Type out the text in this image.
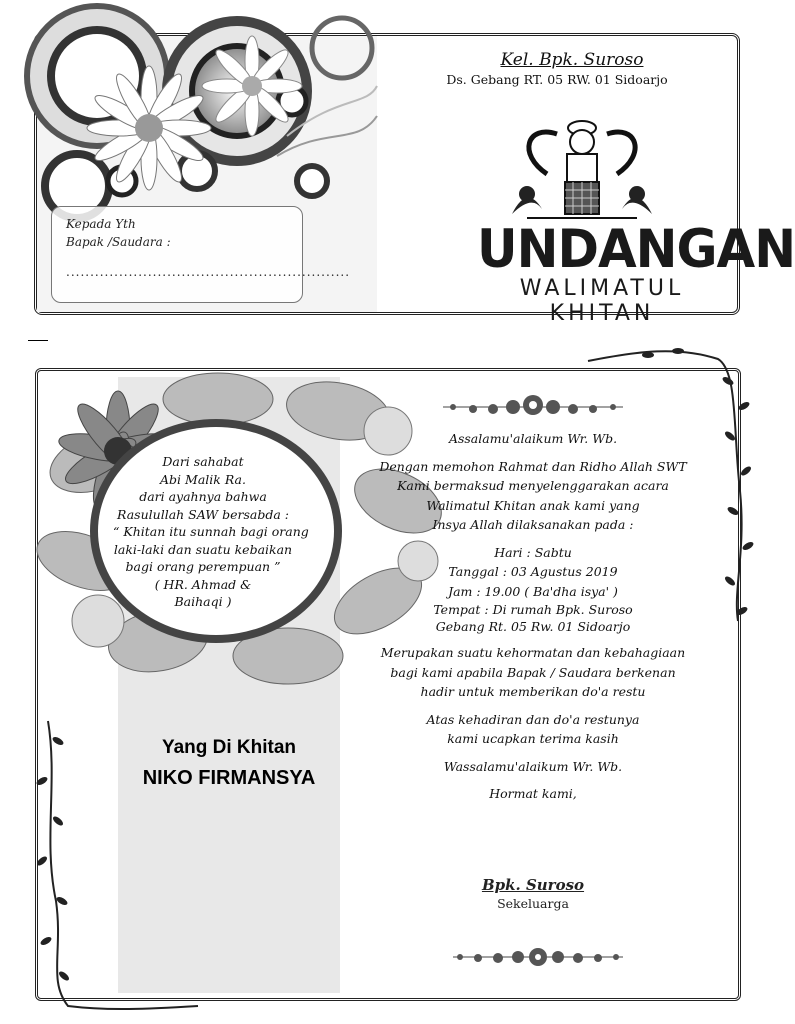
Kel. Bpk. Suroso
Ds. Gebang RT. 05 RW. 01 Sidoarjo
Kepada Yth
Bapak /Saudara :
...........................................................	UNDANGAN
WALIMATUL KHITAN
Dari sahabat
Abi Malik Ra.
dari ayahnya bahwa
Rasulullah SAW bersabda :
“ Khitan itu sunnah bagi orang
laki-laki dan suatu kebaikan
bagi orang perempuan ”
( HR. Ahmad &
Baihaqi )
Yang Di Khitan
NIKO FIRMANSYA
Assalamu'alaikum Wr. Wb.
Dengan memohon Rahmat dan Ridho Allah SWT
Kami bermaksud menyelenggarakan acara
Walimatul Khitan anak kami yang
Insya Allah dilaksanakan pada :
Hari : Sabtu
Tanggal : 03 Agustus 2019
Jam : 19.00 ( Ba'dha isya' )
Tempat : Di rumah Bpk. Suroso
Gebang Rt. 05 Rw. 01 Sidoarjo
Merupakan suatu kehormatan dan kebahagiaan
bagi kami apabila Bapak / Saudara berkenan
hadir untuk memberikan do'a restu
Atas kehadiran dan do'a restunya
kami ucapkan terima kasih
Wassalamu'alaikum Wr. Wb.
Hormat kami,
Bpk. Suroso
Sekeluarga
